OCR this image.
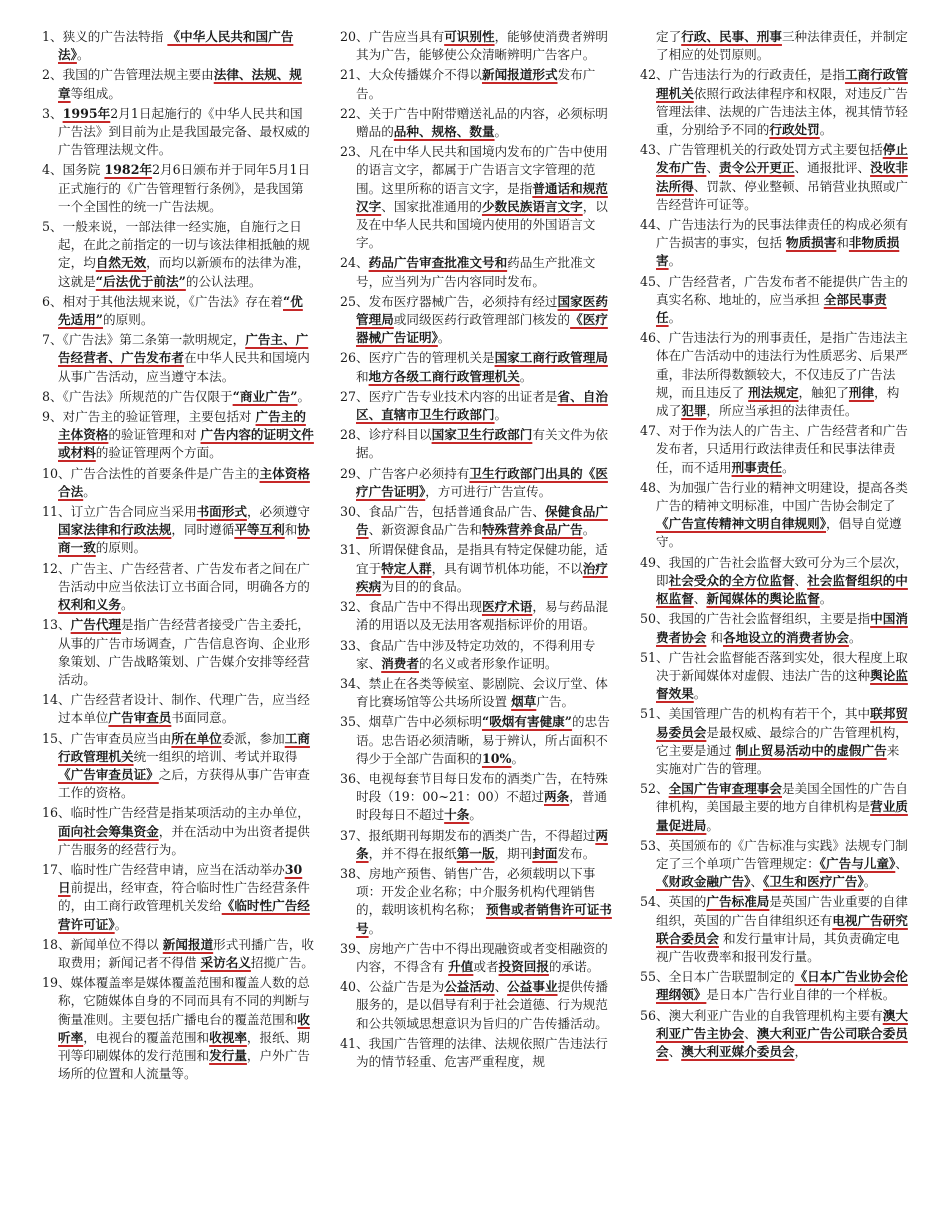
1、狭义的广告法特指 《中华人民共和国广告法》。

2、我国的广告管理法规主要由法律、法规、规章等组成。

3、1995年2月1日起施行的《中华人民共和国广告法》到目前为止是我国最完备、最权威的广告管理法规文件。

4、国务院 1982年2月6日颁布并于同年5月1日正式施行的《广告管理暂行条例》，是我国第一个全国性的统一广告法规。

5、一般来说，一部法律一经实施，自施行之日起，在此之前指定的一切与该法律相抵触的规定，均自然无效，而均以新颁布的法律为准，这就是“后法优于前法”的公认法理。

6、相对于其他法规来说，《广告法》存在着“优先适用”的原则。

7、《广告法》第二条第一款明规定，广告主、广告经营者、广告发布者在中华人民共和国境内从事广告活动，应当遵守本法。

8、《广告法》所规范的广告仅限于“商业广告”。

9、对广告主的验证管理，主要包括对 广告主的主体资格的验证管理和对 广告内容的证明文件或材料的验证管理两个方面。

10、广告合法性的首要条件是广告主的主体资格合法。

11、订立广告合同应当采用书面形式，必须遵守国家法律和行政法规，同时遵循平等互利和协商一致的原则。

12、广告主、广告经营者、广告发布者之间在广告活动中应当依法订立书面合同，明确各方的权利和义务。

13、广告代理是指广告经营者接受广告主委托，从事的广告市场调查，广告信息咨询、企业形象策划、广告战略策划、广告媒介安排等经营活动。

14、广告经营者设计、制作、代理广告，应当经过本单位广告审查员书面同意。

15、广告审查员应当由所在单位委派，参加工商行政管理机关统一组织的培训、考试并取得《广告审查员证》之后，方获得从事广告审查工作的资格。

16、临时性广告经营是指某项活动的主办单位，面向社会筹集资金，并在活动中为出资者提供广告服务的经营行为。

17、临时性广告经营申请，应当在活动举办30日前提出，经审查，符合临时性广告经营条件的，由工商行政管理机关发给《临时性广告经营许可证》。

18、新闻单位不得以 新闻报道形式刊播广告，收取费用；新闻记者不得借 采访名义招揽广告。

19、媒体覆盖率是媒体覆盖范围和覆盖人数的总称，它随媒体自身的不同而具有不同的判断与衡量准则。主要包括广播电台的覆盖范围和收听率，电视台的覆盖范围和收视率，报纸、期刊等印刷媒体的发行范围和发行量，户外广告场所的位置和人流量等。

20、广告应当具有可识别性，能够使消费者辨明其为广告，能够使公众清晰辨明广告客户。

21、大众传播媒介不得以新闻报道形式发布广告。

22、关于广告中附带赠送礼品的内容，必须标明赠品的品种、规格、数量。

23、凡在中华人民共和国境内发布的广告中使用的语言文字，都属于广告语言文字管理的范围。这里所称的语言文字，是指普通话和规范汉字、国家批准通用的少数民族语言文字，以及在中华人民共和国境内使用的外国语言文字。

24、药品广告审查批准文号和药品生产批准文号，应当列为广告内容同时发布。

25、发布医疗器械广告，必须持有经过国家医药管理局或同级医药行政管理部门核发的《医疗器械广告证明》。

26、医疗广告的管理机关是国家工商行政管理局和地方各级工商行政管理机关。

27、医疗广告专业技术内容的出证者是省、自治区、直辖市卫生行政部门。

28、诊疗科目以国家卫生行政部门有关文件为依据。

29、广告客户必须持有卫生行政部门出具的《医疗广告证明》，方可进行广告宣传。

30、食品广告，包括普通食品广告、保健食品广告、新资源食品广告和特殊营养食品广告。

31、所谓保健食品，是指具有特定保健功能，适宜于特定人群，具有调节机体功能，不以治疗疾病为目的的食品。

32、食品广告中不得出现医疗术语，易与药品混淆的用语以及无法用客观指标评价的用语。

33、食品广告中涉及特定功效的，不得利用专家、消费者的名义或者形象作证明。

34、禁止在各类等候室、影剧院、会议厅堂、体育比赛场馆等公共场所设置 烟草广告。

35、烟草广告中必须标明“吸烟有害健康”的忠告语。忠告语必须清晰，易于辨认，所占面积不得少于全部广告面积的10%。

36、电视每套节目每日发布的酒类广告，在特殊时段（19：00~21：00）不超过两条，普通时段每日不超过十条。

37、报纸期刊每期发布的酒类广告，不得超过两条，并不得在报纸第一版，期刊封面发布。

38、房地产预售、销售广告，必须载明以下事项：开发企业名称；中介服务机构代理销售的，载明该机构名称； 预售或者销售许可证书号。

39、房地产广告中不得出现融资或者变相融资的内容，不得含有 升值或者投资回报的承诺。

40、公益广告是为公益活动、公益事业提供传播服务的，是以倡导有利于社会道德、行为规范和公共领域思想意识为旨归的广告传播活动。

41、我国广告管理的法律、法规依照广告违法行为的情节轻重、危害严重程度，规

定了行政、民事、刑事三种法律责任，并制定了相应的处罚原则。

42、广告违法行为的行政责任，是指工商行政管理机关依照行政法律程序和权限，对违反广告管理法律、法规的广告违法主体，视其情节轻重，分别给予不同的行政处罚。

43、广告管理机关的行政处罚方式主要包括停止发布广告、责令公开更正、通报批评、没收非法所得、罚款、停业整顿、吊销营业执照或广告经营许可证等。

44、广告违法行为的民事法律责任的构成必须有广告损害的事实，包括 物质损害和非物质损害。

45、广告经营者，广告发布者不能提供广告主的真实名称、地址的，应当承担 全部民事责任。

46、广告违法行为的刑事责任，是指广告违法主体在广告活动中的违法行为性质恶劣、后果严重，非法所得数额较大，不仅违反了广告法规，而且违反了 刑法规定，触犯了刑律，构成了犯罪，所应当承担的法律责任。

47、对于作为法人的广告主、广告经营者和广告发布者，只适用行政法律责任和民事法律责任，而不适用刑事责任。

48、为加强广告行业的精神文明建设，提高各类广告的精神文明标准，中国广告协会制定了 《广告宣传精神文明自律规则》，倡导自觉遵守。

49、我国的广告社会监督大致可分为三个层次，即社会受众的全方位监督、社会监督组织的中枢监督、新闻媒体的舆论监督。

50、我国的广告社会监督组织，主要是指中国消费者协会 和各地设立的消费者协会。

51、广告社会监督能否落到实处，很大程度上取决于新闻媒体对虚假、违法广告的这种舆论监督效果。

51、美国管理广告的机构有若干个，其中联邦贸易委员会是最权威、最综合的广告管理机构，它主要是通过 制止贸易活动中的虚假广告来实施对广告的管理。

52、全国广告审查理事会是美国全国性的广告自律机构，美国最主要的地方自律机构是营业质量促进局。

53、英国颁布的《广告标准与实践》法规专门制定了三个单项广告管理规定：《广告与儿童》、《财政金融广告》、《卫生和医疗广告》。

54、英国的广告标准局是英国广告业重要的自律组织，英国的广告自律组织还有电视广告研究联合委员会 和发行量审计局，其负责确定电视广告收费率和报刊发行量。

55、全日本广告联盟制定的《日本广告业协会伦理纲领》是日本广告行业自律的一个样板。

56、澳大利亚广告业的自我管理机构主要有澳大利亚广告主协会、澳大利亚广告公司联合委员会、澳大利亚媒介委员会，
